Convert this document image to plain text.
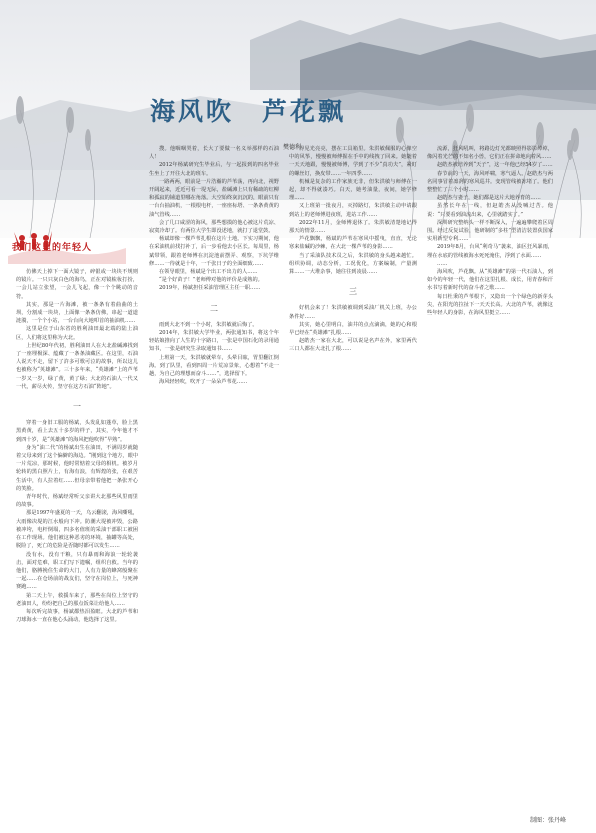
海风吹　芦花飘
樊德利
我们这里的年轻人

仿佛天上掉下一面大镜子，碎银或一块块不规则的镜片。一只只灰白色的海鸟，正在对镜梳妆打扮，一会儿站立张望，一会儿飞起，像一个个眺动的音符。

其实，那是一片海滩，被一条条有着曲曲的土坝，分割成一块块，上面像一条条仿佛，串起一道道涟漪，一个个小站，一台台向大地叩首的抽油机……

这里是位于山东省的胜利油田最北端的陆上油区，人们将这里称为大北。

上世纪80年代初，胜利油田人在大北盐碱滩找到了一座埋极深、蕴藏了一条条油藏区。在这里，石油人说天不走，留下了許多可歌可泣的故事，所以这儿也被称为“英雄滩”。三十多年来，“英雄滩”上的芦苇一岁又一岁，绿了黄，黄了绿；大北的石油人一代又一代，薪尽火传，坚守在这方石油“阵地”。

一

穿着一身旧工服的杨斌，头发乱如蓬草，脸上黑黑黄黄，看上去五十多岁的样子，其实，今年他才不到四十岁，是“英雄滩”的海风把他吹得“早熟”。

身为“油二代”的杨斌出生在油田，不满周岁就随着父母来到了这个偏僻的海边。“刚到这个地方，眼中一片荒凉，那时候，他时常惦着父母的相机。被岁月轮转的黑白照片上，有海有浪，有辉煌的张，在艰苦生活中，有人拉着红……但母亲带着他把一条张开心的笑脸。

青年时代，杨斌经常听父亲讲大北那些风里雨里的故事。

那是1997年盛夏的一天，乌云翻滚，海风嘶吼，大雨像决堤的江水般向下冲。防潮大堤被冲毁，公路被冲垮，电杆倒塌，四多名值班的采油干部职工被困在工作现场。他们被这种恶劣的环境，抽罐等高处，脱险了，死亡的危险是否随时都可以发生……

没有水，没有干粮，只有暴雨和海浪一轮轮袭击，面对危难，职工们写下遗嘱，组织自救。当年的他们，胳膊挽住生命的大门，人有力量的蜂窝般聚在一起……在仓场前的战友们，坚守在岗位上，与死神赛跑……

第二天上午，救援车来了，那些在岗位上坚守的老油田人，纷纷把自己的那点饭菜让给他人……

每次听完故事，杨斌都热泪盈眶。大北的芦苇和刀球海水一直在他心头涌动，他选择了这里。

搜。他咽咽哭着，长大了要做一名义举那样的石油人！

2012年杨斌研究生毕业后，与一起报到的四名毕业生坐上了开往大北的班车。

一路两两，眼前是一片浩瀚的芦苇荡，再向北，视野开阔起来，近近可看一堤无际，盐碱滩上只有稀疏的红柳和孤寂的铺道里哪在角落。大空始终灰沉沉的，眼前只有一台台抽油机，一根根电杆，一座座标塔、一条条黄黄的油气管线……

会了几口咸涩的海风，那些想摸的他心被这片荒凉、寂寞冷却了。有两位大学生即没述地，就打了退堂鼓。

杨斌却像一棵芦苇扎根在这片土地。下实习期间，他在采油机前找打补丁，后一步看他去小区长。每周里，杨斌带领，跟着老师傅在沉淀池前摆弄、观察，下坑学维修……一待就是十年，一千张日子的全面细致……

在领导眼里，杨斌是个出工不出力的人……

“是个好苗子！”老师傅对他的评价是成熟的。

2019年，杨斌担任采油管理区主任一职……

二

雨到大北不到一个小时，朱洪敏就后悔了。

2014年，朱洪敏大学毕业，两张通知书，将这个年轻姑娘推向了人生的十字路口，一张是中国石化的录用通知书，一张是研究生录取通知书……

上班第一天，朱洪敏就晕车，头晕目眩，胃里翻江倒海。到了队里，看到四周一片荒凉景象，心想着“不走一趟，为自己的理想而奋斗……”，选择留下。

海风轻轻吹，吹开了一朵朵芦苇花……

得见光亮亮，摆在工具箱里。朱洪敏佩服的心像空中的风筝，慢慢被师傅握在手中的线拽了回来。她随着一天天地跟，慢慢被师傅，学到了不少“真功夫”，紧盯的螺丝钉，换皮带……一年四季……

机械是复杂的工作家族无非，但朱洪敏与师傅在一起，却不得就凑巧。白天，她考油量，夜间，她学修理……

又上班第一批夜月，灭掉路灯，朱洪敏主动申请跟到站上的老师傅进夜班，进站工作……

2022年11月，金师傅退休了。朱洪敏清楚地记得那天的情景……

芦花飘飘，杨斌的芦苇在寒风中摇曳，直直，无论寒来盐碱的沙棘，在大北一棵芦苇的身影……

当了采油队技术员之后，朱洪敏的身头越来越忙。组织协调，动态分析，工况优化，方案编制，产量测算……一大堆杂事，她往往到凌晨……

三

好机会来了！朱洪敏被调到采油厂机关上班，办公条件好……

其实，她心里明白，油井的点点滴滴，她的心和根早已经在“英雄滩”扎根……

赵皓杰一家在大北，可以说是名声在外，家里两代三口人都在大北扎了根……

流源，狂风吼叫，将路边灯光都映照得影影绰绰，像闪着光芒的不知名小兽，它们正在拼命地向着风……

赵皓杰被培养到“天子”，这一年他已经54岁了……

春节前的一天，海风呼啸，寒气逼人。赵皓杰与两名同事冒着凛冽的寒风巡井。变现管线被冻堵了。他们整整忙了三个小时……

赵皓杰与妻子，她们都是这片大地养育的……

虽然长年在一线，但赵皓杰从没喊过苦。他说：“只要看到油流出来，心里就踏实了。”

深圳研究整纳头一样不断深入，一遍遍攀爬着区周围。经过反复试验，他研制的“多柱”型清洁装置获国家实用新型专利……

2019年8月，台风“利奇马”袭来，油区狂风暴雨，埋在水底的管线被海水死死淹住，浮到了水面……

……

海风吹，芦花飘。从“英雄滩”的第一代石油人，到如今的年轻一代，他们在这里扎根、成长，用青春和汗水书写着新时代的奋斗者之歌……

每日杜秉的芦苇根下，又隐出一个个绿色的新芽头尖，在阳光的拉扯下一天天长高。大北的芦苇，就像这些年轻人的身影，在海风里挺立……

制图：张丹峰
